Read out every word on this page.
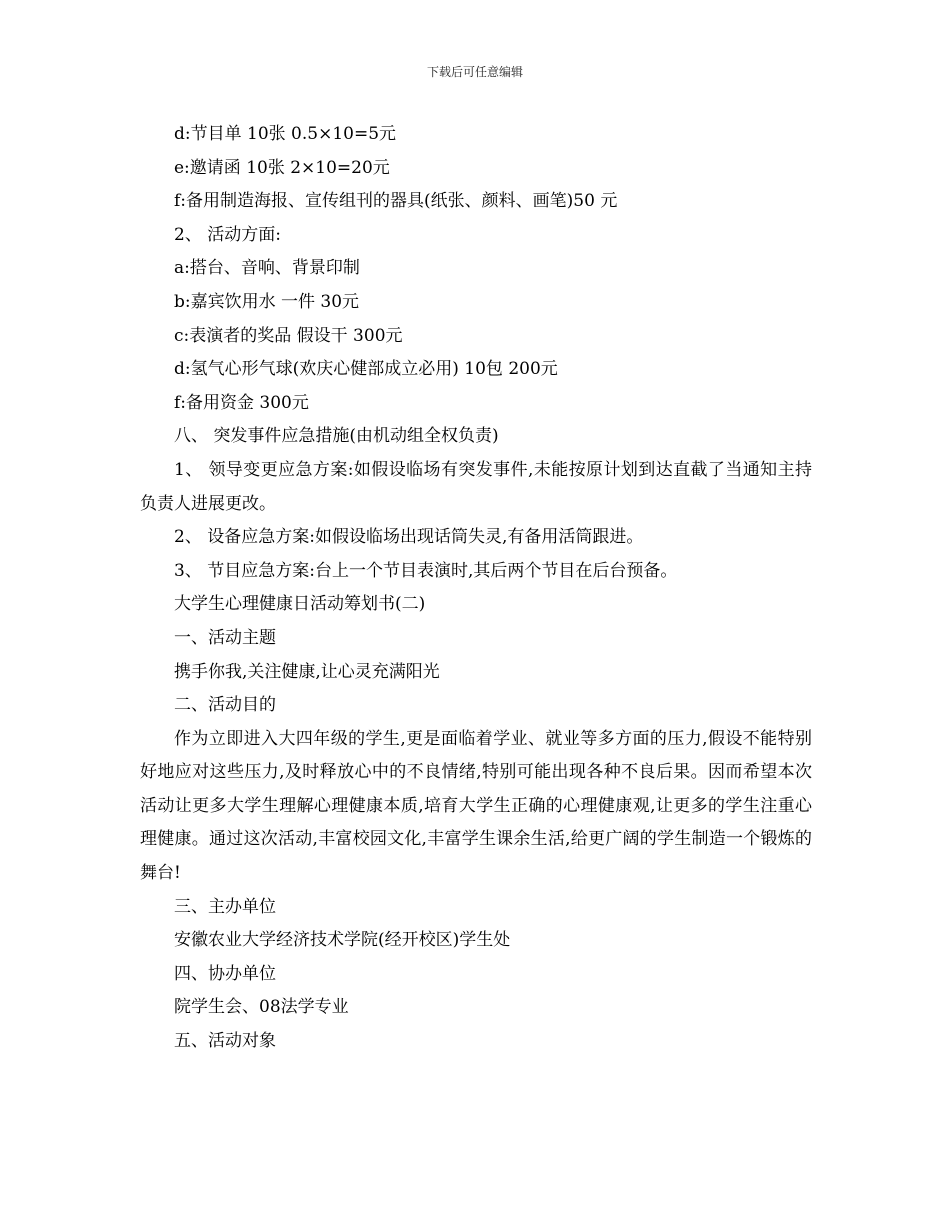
下载后可任意编辑

d:节目单 10张 0.5×10=5元

e:邀请函 10张 2×10=20元

f:备用制造海报、宣传组刊的器具(纸张、颜料、画笔)50 元

2、 活动方面:

a:搭台、音响、背景印制

b:嘉宾饮用水 一件 30元

c:表演者的奖品 假设干 300元

d:氢气心形气球(欢庆心健部成立必用) 10包 200元

f:备用资金 300元

八、 突发事件应急措施(由机动组全权负责)

1、 领导变更应急方案:如假设临场有突发事件,未能按原计划到达直截了当通知主持负责人进展更改。

2、 设备应急方案:如假设临场出现话筒失灵,有备用活筒跟进。

3、 节目应急方案:台上一个节目表演时,其后两个节目在后台预备。

大学生心理健康日活动筹划书(二)

一、活动主题

携手你我,关注健康,让心灵充满阳光

二、活动目的

作为立即进入大四年级的学生,更是面临着学业、就业等多方面的压力,假设不能特别好地应对这些压力,及时释放心中的不良情绪,特别可能出现各种不良后果。因而希望本次活动让更多大学生理解心理健康本质,培育大学生正确的心理健康观,让更多的学生注重心理健康。通过这次活动,丰富校园文化,丰富学生课余生活,给更广阔的学生制造一个锻炼的舞台!

三、主办单位

安徽农业大学经济技术学院(经开校区)学生处

四、协办单位

院学生会、08法学专业

五、活动对象
